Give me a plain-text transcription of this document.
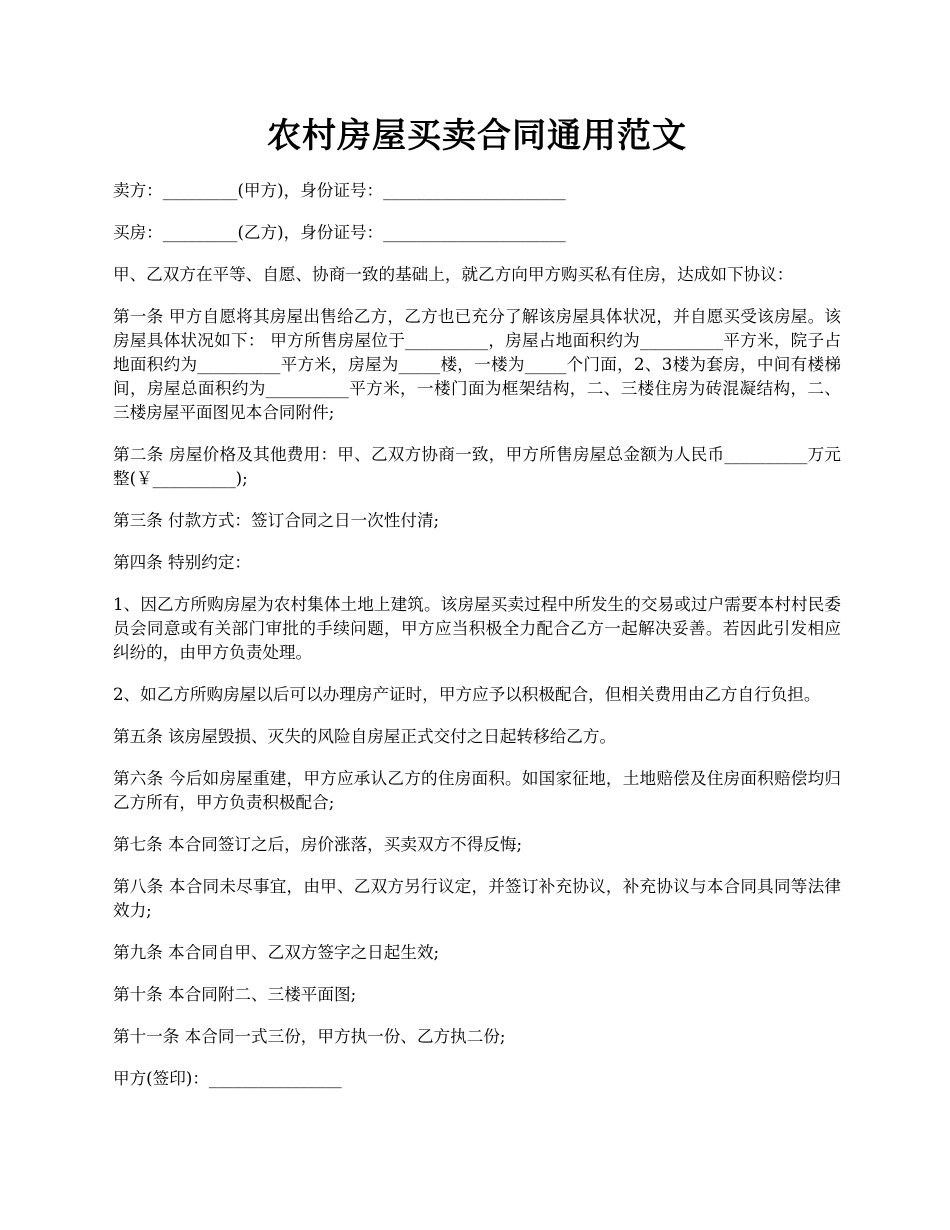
农村房屋买卖合同通用范文

卖方：_________(甲方)，身份证号：______________________

买房：_________(乙方)，身份证号：______________________

甲、乙双方在平等、自愿、协商一致的基础上，就乙方向甲方购买私有住房，达成如下协议：

第一条 甲方自愿将其房屋出售给乙方，乙方也已充分了解该房屋具体状况，并自愿买受该房屋。该房屋具体状况如下： 甲方所售房屋位于__________，房屋占地面积约为__________平方米，院子占地面积约为__________平方米，房屋为_____楼，一楼为_____个门面，2、3楼为套房，中间有楼梯间，房屋总面积约为__________平方米，一楼门面为框架结构，二、三楼住房为砖混凝结构，二、三楼房屋平面图见本合同附件;

第二条 房屋价格及其他费用：甲、乙双方协商一致，甲方所售房屋总金额为人民币__________万元整(￥__________);

第三条 付款方式：签订合同之日一次性付清;

第四条 特别约定：

1、因乙方所购房屋为农村集体土地上建筑。该房屋买卖过程中所发生的交易或过户需要本村村民委员会同意或有关部门审批的手续问题，甲方应当积极全力配合乙方一起解决妥善。若因此引发相应纠纷的，由甲方负责处理。

2、如乙方所购房屋以后可以办理房产证时，甲方应予以积极配合，但相关费用由乙方自行负担。

第五条 该房屋毁损、灭失的风险自房屋正式交付之日起转移给乙方。

第六条 今后如房屋重建，甲方应承认乙方的住房面积。如国家征地，土地赔偿及住房面积赔偿均归乙方所有，甲方负责积极配合;

第七条 本合同签订之后，房价涨落，买卖双方不得反悔;

第八条 本合同未尽事宜，由甲、乙双方另行议定，并签订补充协议，补充协议与本合同具同等法律效力;

第九条 本合同自甲、乙双方签字之日起生效;

第十条 本合同附二、三楼平面图;

第十一条 本合同一式三份，甲方执一份、乙方执二份;

甲方(签印)：________________
